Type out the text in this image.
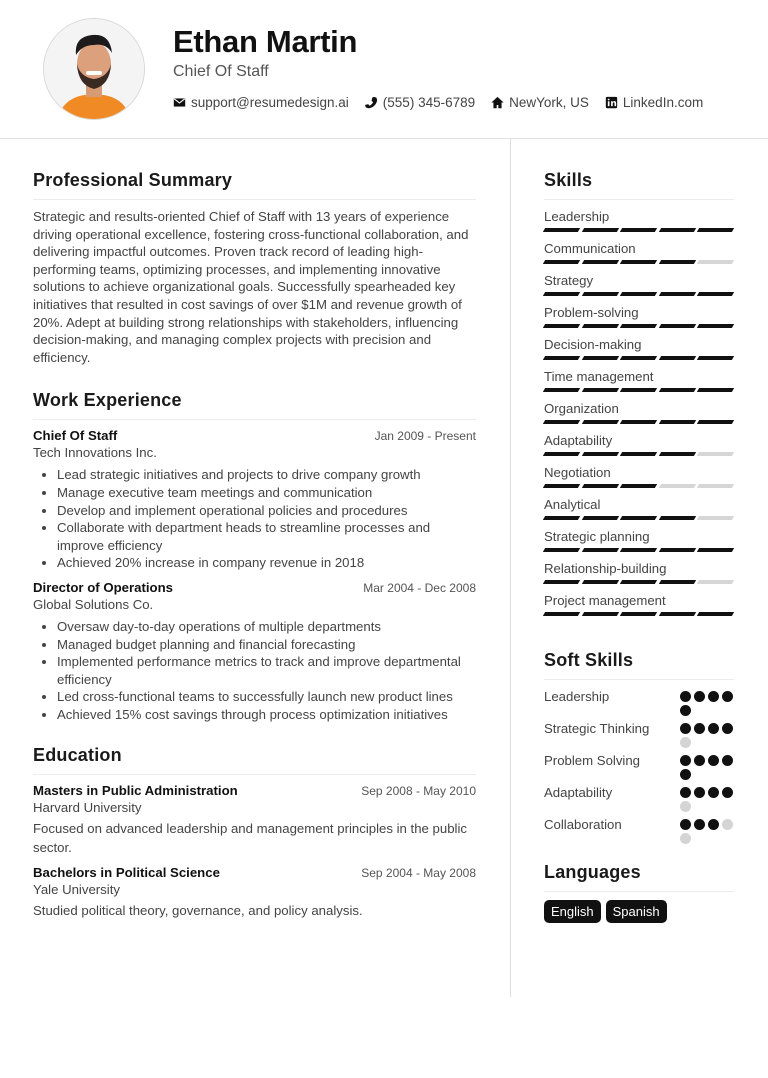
Ethan Martin
Chief Of Staff
support@resumedesign.ai	(555) 345-6789	NewYork, US	LinkedIn.com
Professional Summary

Strategic and results-oriented Chief of Staff with 13 years of experience driving operational excellence, fostering cross-functional collaboration, and delivering impactful outcomes. Proven track record of leading high-performing teams, optimizing processes, and implementing innovative solutions to achieve organizational goals. Successfully spearheaded key initiatives that resulted in cost savings of over $1M and revenue growth of 20%. Adept at building strong relationships with stakeholders, influencing decision-making, and managing complex projects with precision and efficiency.

Work Experience
Chief Of Staff	Jan 2009 - Present
Tech Innovations Inc.
• Lead strategic initiatives and projects to drive company growth
• Manage executive team meetings and communication
• Develop and implement operational policies and procedures
• Collaborate with department heads to streamline processes and improve efficiency
• Achieved 20% increase in company revenue in 2018
Director of Operations	Mar 2004 - Dec 2008
Global Solutions Co.
• Oversaw day-to-day operations of multiple departments
• Managed budget planning and financial forecasting
• Implemented performance metrics to track and improve departmental efficiency
• Led cross-functional teams to successfully launch new product lines
• Achieved 15% cost savings through process optimization initiatives
Education
Masters in Public Administration	Sep 2008 - May 2010
Harvard University
Focused on advanced leadership and management principles in the public sector.
Bachelors in Political Science	Sep 2004 - May 2008
Yale University
Studied political theory, governance, and policy analysis.
Skills
Leadership
Communication
Strategy
Problem-solving
Decision-making
Time management
Organization
Adaptability
Negotiation
Analytical
Strategic planning
Relationship-building
Project management
Soft Skills
Leadership
Strategic Thinking
Problem Solving
Adaptability
Collaboration
Languages
English	Spanish
